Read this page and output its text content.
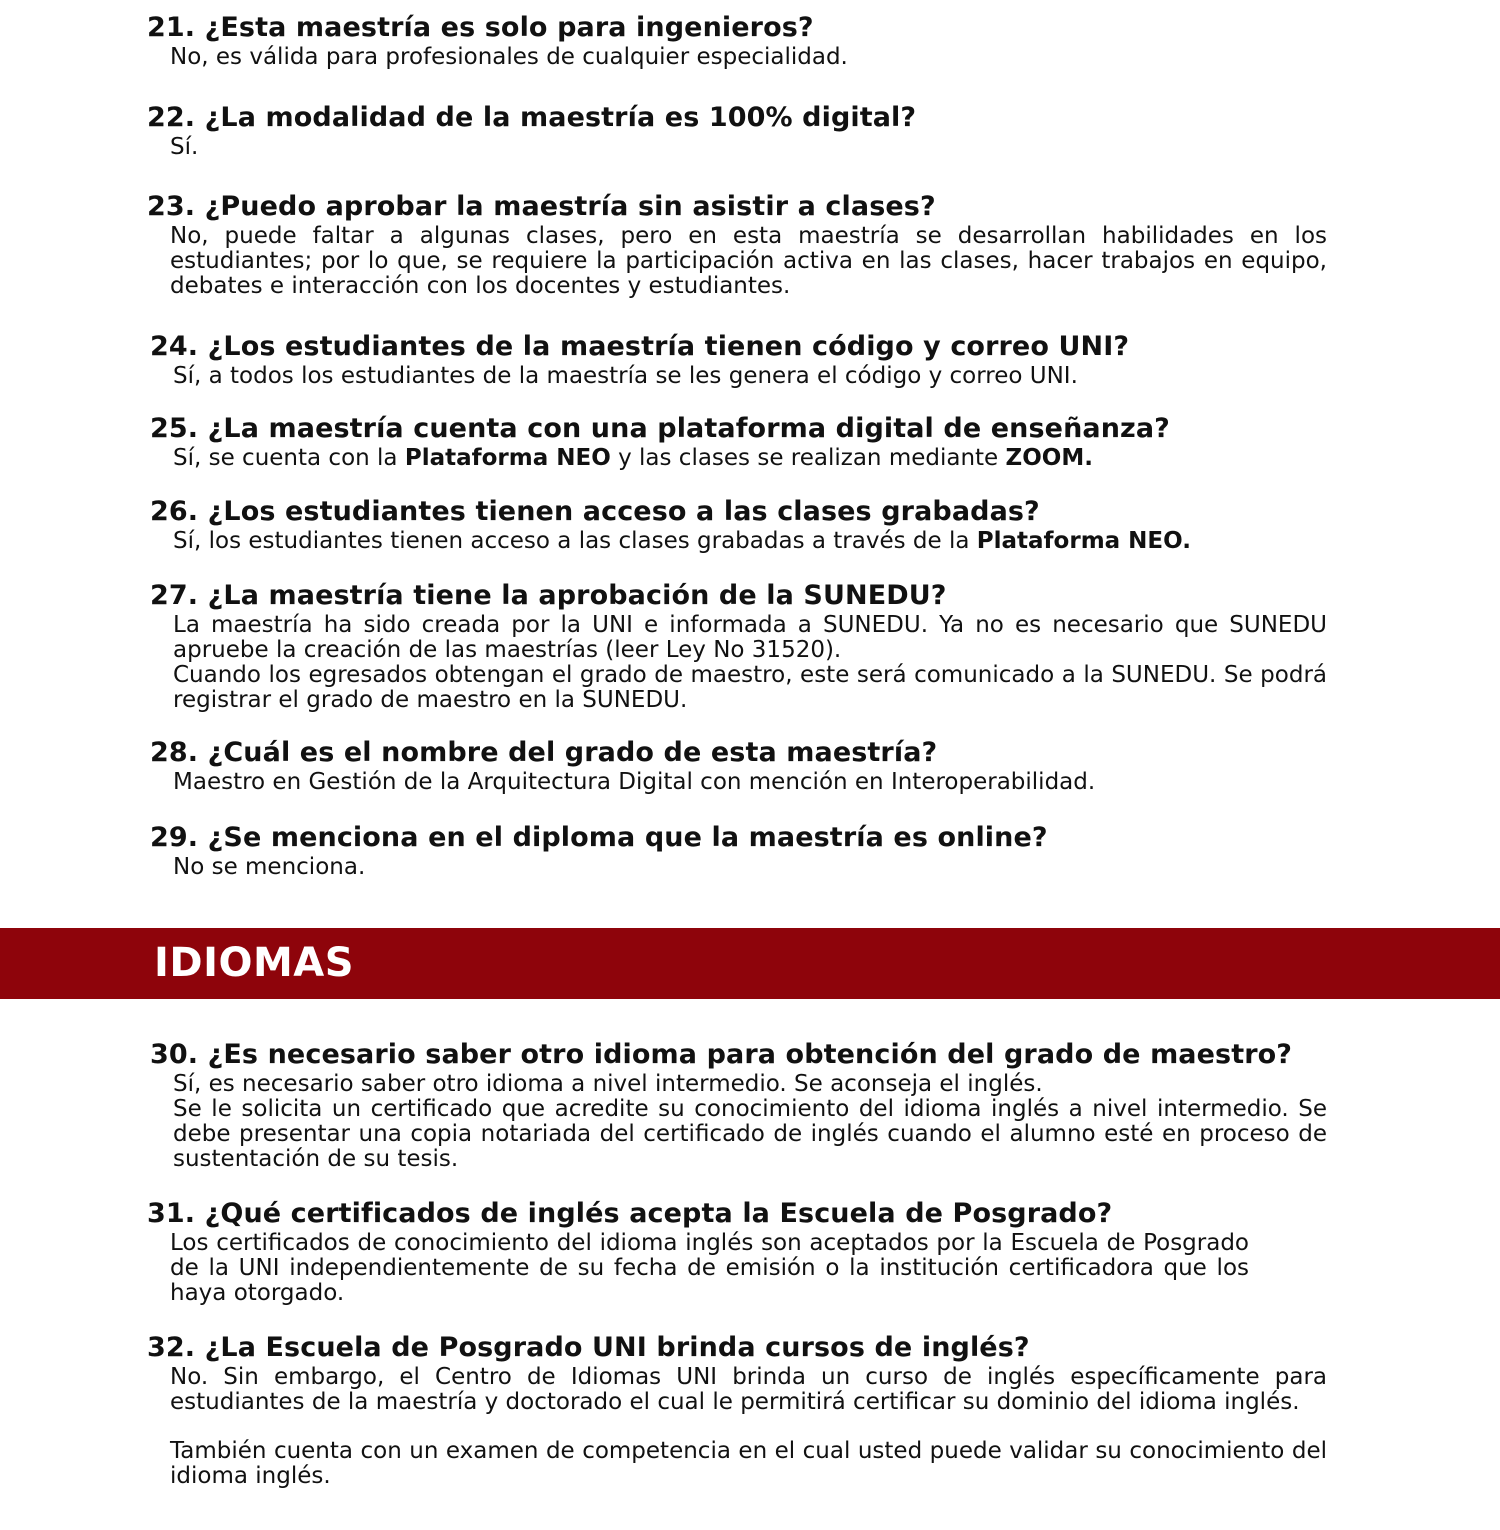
21. ¿Esta maestría es solo para ingenieros?

No, es válida para profesionales de cualquier especialidad.

22. ¿La modalidad de la maestría es 100% digital?

Sí.

23. ¿Puedo aprobar la maestría sin asistir a clases?

No, puede faltar a algunas clases, pero en esta maestría se desarrollan habilidades en los estudiantes; por lo que, se requiere la participación activa en las clases, hacer trabajos en equipo, debates e interacción con los docentes y estudiantes.

24. ¿Los estudiantes de la maestría tienen código y correo UNI?

Sí, a todos los estudiantes de la maestría se les genera el código y correo UNI.

25. ¿La maestría cuenta con una plataforma digital de enseñanza?

Sí, se cuenta con la Plataforma NEO y las clases se realizan mediante ZOOM.

26. ¿Los estudiantes tienen acceso a las clases grabadas?

Sí, los estudiantes tienen acceso a las clases grabadas a través de la Plataforma NEO.

27. ¿La maestría tiene la aprobación de la SUNEDU?

La maestría ha sido creada por la UNI e informada a SUNEDU. Ya no es necesario que SUNEDU apruebe la creación de las maestrías (leer Ley No 31520).

Cuando los egresados obtengan el grado de maestro, este será comunicado a la SUNEDU. Se podrá registrar el grado de maestro en la SUNEDU.

28. ¿Cuál es el nombre del grado de esta maestría?

Maestro en Gestión de la Arquitectura Digital con mención en Interoperabilidad.

29. ¿Se menciona en el diploma que la maestría es online?

No se menciona.

IDIOMAS
30. ¿Es necesario saber otro idioma para obtención del grado de maestro?

Sí, es necesario saber otro idioma a nivel intermedio. Se aconseja el inglés.

Se le solicita un certificado que acredite su conocimiento del idioma inglés a nivel intermedio. Se debe presentar una copia notariada del certificado de inglés cuando el alumno esté en proceso de sustentación de su tesis.

31. ¿Qué certificados de inglés acepta la Escuela de Posgrado?

Los certificados de conocimiento del idioma inglés son aceptados por la Escuela de Posgrado de la UNI independientemente de su fecha de emisión o la institución certificadora que los haya otorgado.

32. ¿La Escuela de Posgrado UNI brinda cursos de inglés?

No. Sin embargo, el Centro de Idiomas UNI brinda un curso de inglés específicamente para estudiantes de la maestría y doctorado el cual le permitirá certificar su dominio del idioma inglés.

También cuenta con un examen de competencia en el cual usted puede validar su conocimiento del idioma inglés.
